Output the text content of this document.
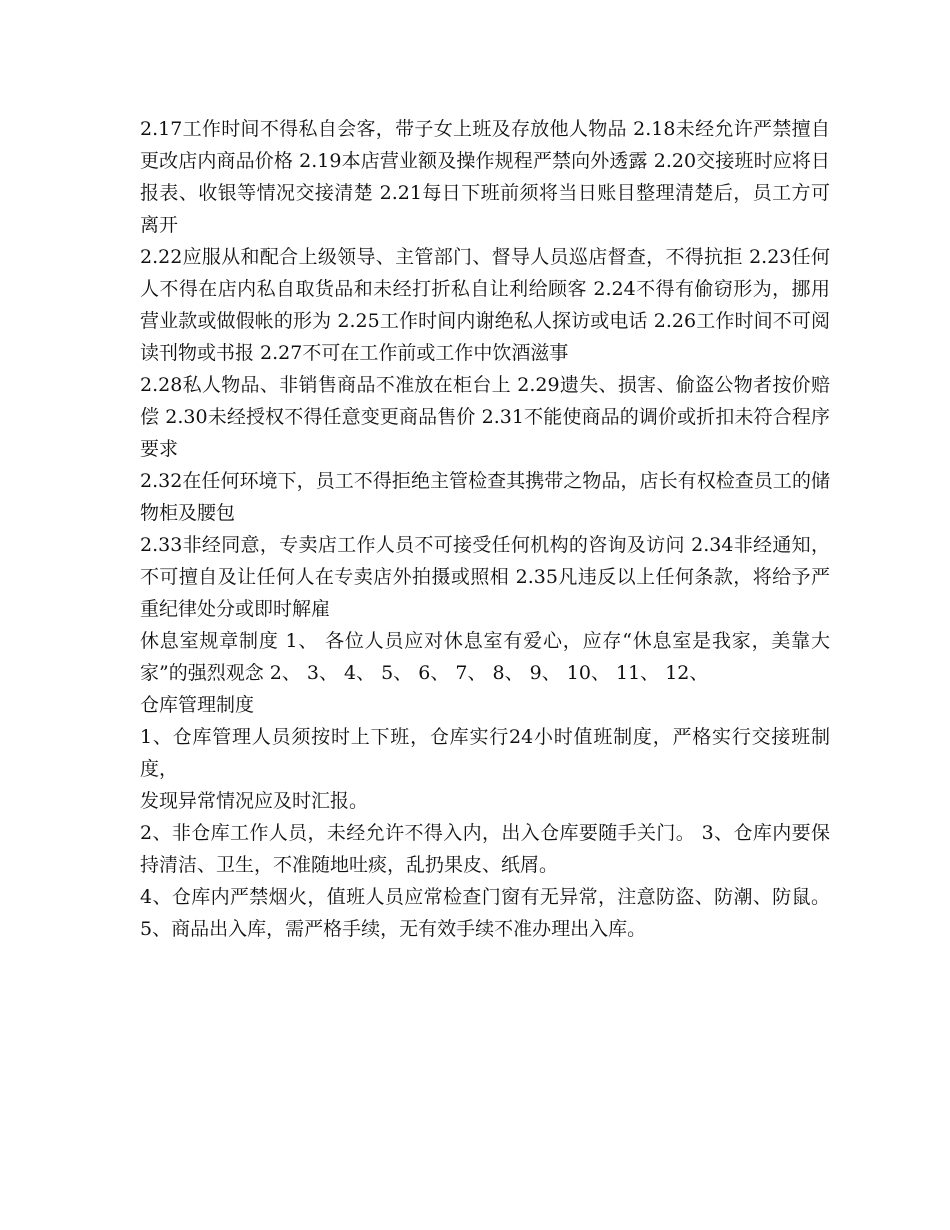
2.17工作时间不得私自会客，带子女上班及存放他人物品 2.18未经允许严禁擅自更改店内商品价格 2.19本店营业额及操作规程严禁向外透露 2.20交接班时应将日报表、收银等情况交接清楚 2.21每日下班前须将当日账目整理清楚后，员工方可离开

2.22应服从和配合上级领导、主管部门、督导人员巡店督查，不得抗拒 2.23任何人不得在店内私自取货品和未经打折私自让利给顾客 2.24不得有偷窃形为，挪用营业款或做假帐的形为 2.25工作时间内谢绝私人探访或电话 2.26工作时间不可阅读刊物或书报 2.27不可在工作前或工作中饮酒滋事

2.28私人物品、非销售商品不准放在柜台上 2.29遗失、损害、偷盗公物者按价赔偿 2.30未经授权不得任意变更商品售价 2.31不能使商品的调价或折扣未符合程序要求

2.32在任何环境下，员工不得拒绝主管检查其携带之物品，店长有权检查员工的储物柜及腰包

2.33非经同意，专卖店工作人员不可接受任何机构的咨询及访问 2.34非经通知，不可擅自及让任何人在专卖店外拍摄或照相 2.35凡违反以上任何条款，将给予严重纪律处分或即时解雇

休息室规章制度 1、 各位人员应对休息室有爱心，应存“休息室是我家，美靠大家”的强烈观念 2、 3、 4、 5、 6、 7、 8、 9、 10、 11、 12、

仓库管理制度

1、仓库管理人员须按时上下班，仓库实行24小时值班制度，严格实行交接班制度，

发现异常情况应及时汇报。

2、非仓库工作人员，未经允许不得入内，出入仓库要随手关门。 3、仓库内要保持清洁、卫生，不准随地吐痰，乱扔果皮、纸屑。

4、仓库内严禁烟火，值班人员应常检查门窗有无异常，注意防盗、防潮、防鼠。 5、商品出入库，需严格手续，无有效手续不准办理出入库。
